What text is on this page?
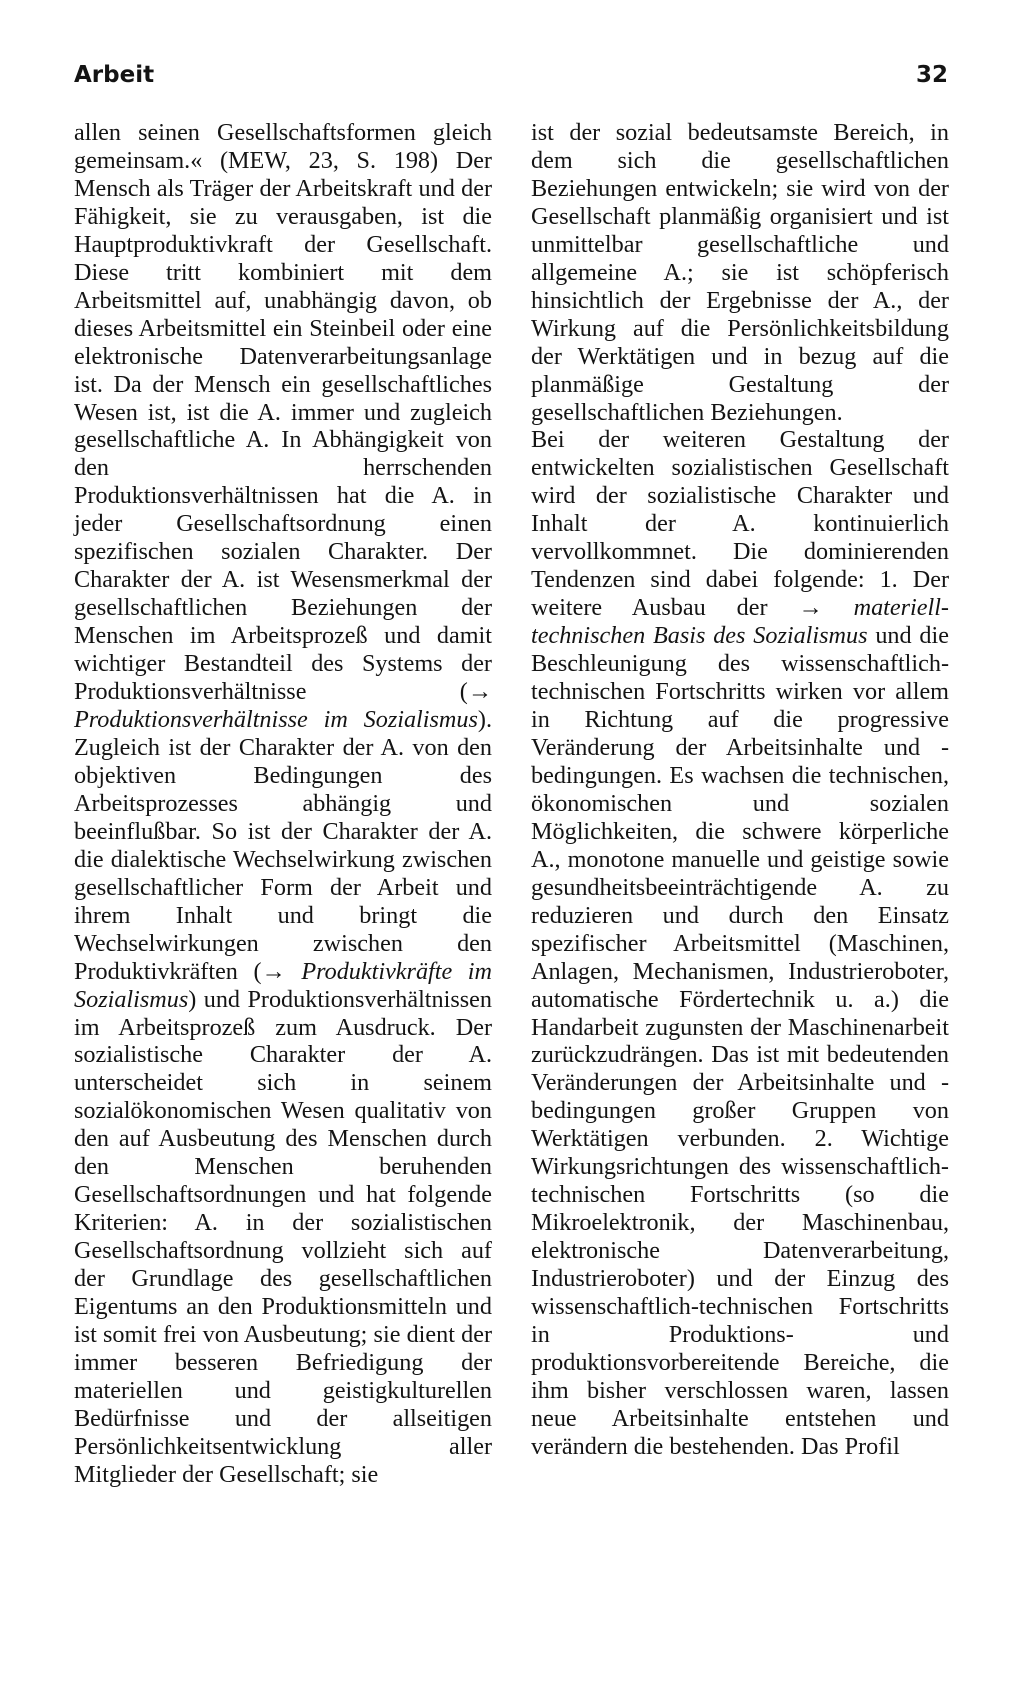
Arbeit	32

allen seinen Gesellschaftsformen gleich gemeinsam.« (MEW, 23, S. 198) Der Mensch als Träger der Arbeitskraft und der Fähigkeit, sie zu verausgaben, ist die Hauptproduktivkraft der Gesellschaft. Diese tritt kombiniert mit dem Arbeitsmittel auf, unabhängig davon, ob dieses Arbeitsmittel ein Steinbeil oder eine elektronische Datenverarbeitungsanlage ist. Da der Mensch ein gesellschaftliches Wesen ist, ist die A. immer und zugleich gesellschaftliche A. In Abhängigkeit von den herrschenden Produktionsverhältnissen hat die A. in jeder Gesellschaftsordnung einen spezifischen sozialen Charakter. Der Charakter der A. ist Wesensmerkmal der gesellschaftlichen Beziehungen der Menschen im Arbeitsprozeß und damit wichtiger Bestandteil des Systems der Produktionsverhältnisse (→ Produktionsverhältnisse im Sozialismus). Zugleich ist der Charakter der A. von den objektiven Bedingungen des Arbeitsprozesses abhängig und beeinflußbar. So ist der Charakter der A. die dialektische Wechselwirkung zwischen gesellschaftlicher Form der Arbeit und ihrem Inhalt und bringt die Wechselwirkungen zwischen den Produktivkräften (→ Produktivkräfte im Sozialismus) und Produktionsverhältnissen im Arbeitsprozeß zum Ausdruck. Der sozialistische Charakter der A. unterscheidet sich in seinem sozialökonomischen Wesen qualitativ von den auf Ausbeutung des Menschen durch den Menschen beruhenden Gesellschaftsordnungen und hat folgende Kriterien: A. in der sozialistischen Gesellschaftsordnung vollzieht sich auf der Grundlage des gesellschaftlichen Eigentums an den Produktionsmitteln und ist somit frei von Ausbeutung; sie dient der immer besseren Befriedigung der materiellen und geistigkulturellen Bedürfnisse und der allseitigen Persönlichkeitsentwicklung aller Mitglieder der Gesellschaft; sie

ist der sozial bedeutsamste Bereich, in dem sich die gesellschaftlichen Beziehungen entwickeln; sie wird von der Gesellschaft planmäßig organisiert und ist unmittelbar gesellschaftliche und allgemeine A.; sie ist schöpferisch hinsichtlich der Ergebnisse der A., der Wirkung auf die Persönlichkeitsbildung der Werktätigen und in bezug auf die planmäßige Gestaltung der gesellschaftlichen Beziehungen.

Bei der weiteren Gestaltung der entwickelten sozialistischen Gesellschaft wird der sozialistische Charakter und Inhalt der A. kontinuierlich vervollkommnet. Die dominierenden Tendenzen sind dabei folgende: 1. Der weitere Ausbau der → materiell-technischen Basis des Sozialismus und die Beschleunigung des wissenschaftlich-technischen Fortschritts wirken vor allem in Richtung auf die progressive Veränderung der Arbeitsinhalte und -bedingungen. Es wachsen die technischen, ökonomischen und sozialen Möglichkeiten, die schwere körperliche A., monotone manuelle und geistige sowie gesundheitsbeeinträchtigende A. zu reduzieren und durch den Einsatz spezifischer Arbeitsmittel (Maschinen, Anlagen, Mechanismen, Industrieroboter, automatische Fördertechnik u. a.) die Handarbeit zugunsten der Maschinenarbeit zurückzudrängen. Das ist mit bedeutenden Veränderungen der Arbeitsinhalte und -bedingungen großer Gruppen von Werktätigen verbunden. 2. Wichtige Wirkungsrichtungen des wissenschaftlich-technischen Fortschritts (so die Mikroelektronik, der Maschinenbau, elektronische Datenverarbeitung, Industrieroboter) und der Einzug des wissenschaftlich-technischen Fortschritts in Produktions- und produktionsvorbereitende Bereiche, die ihm bisher verschlossen waren, lassen neue Arbeitsinhalte entstehen und verändern die bestehenden. Das Profil
